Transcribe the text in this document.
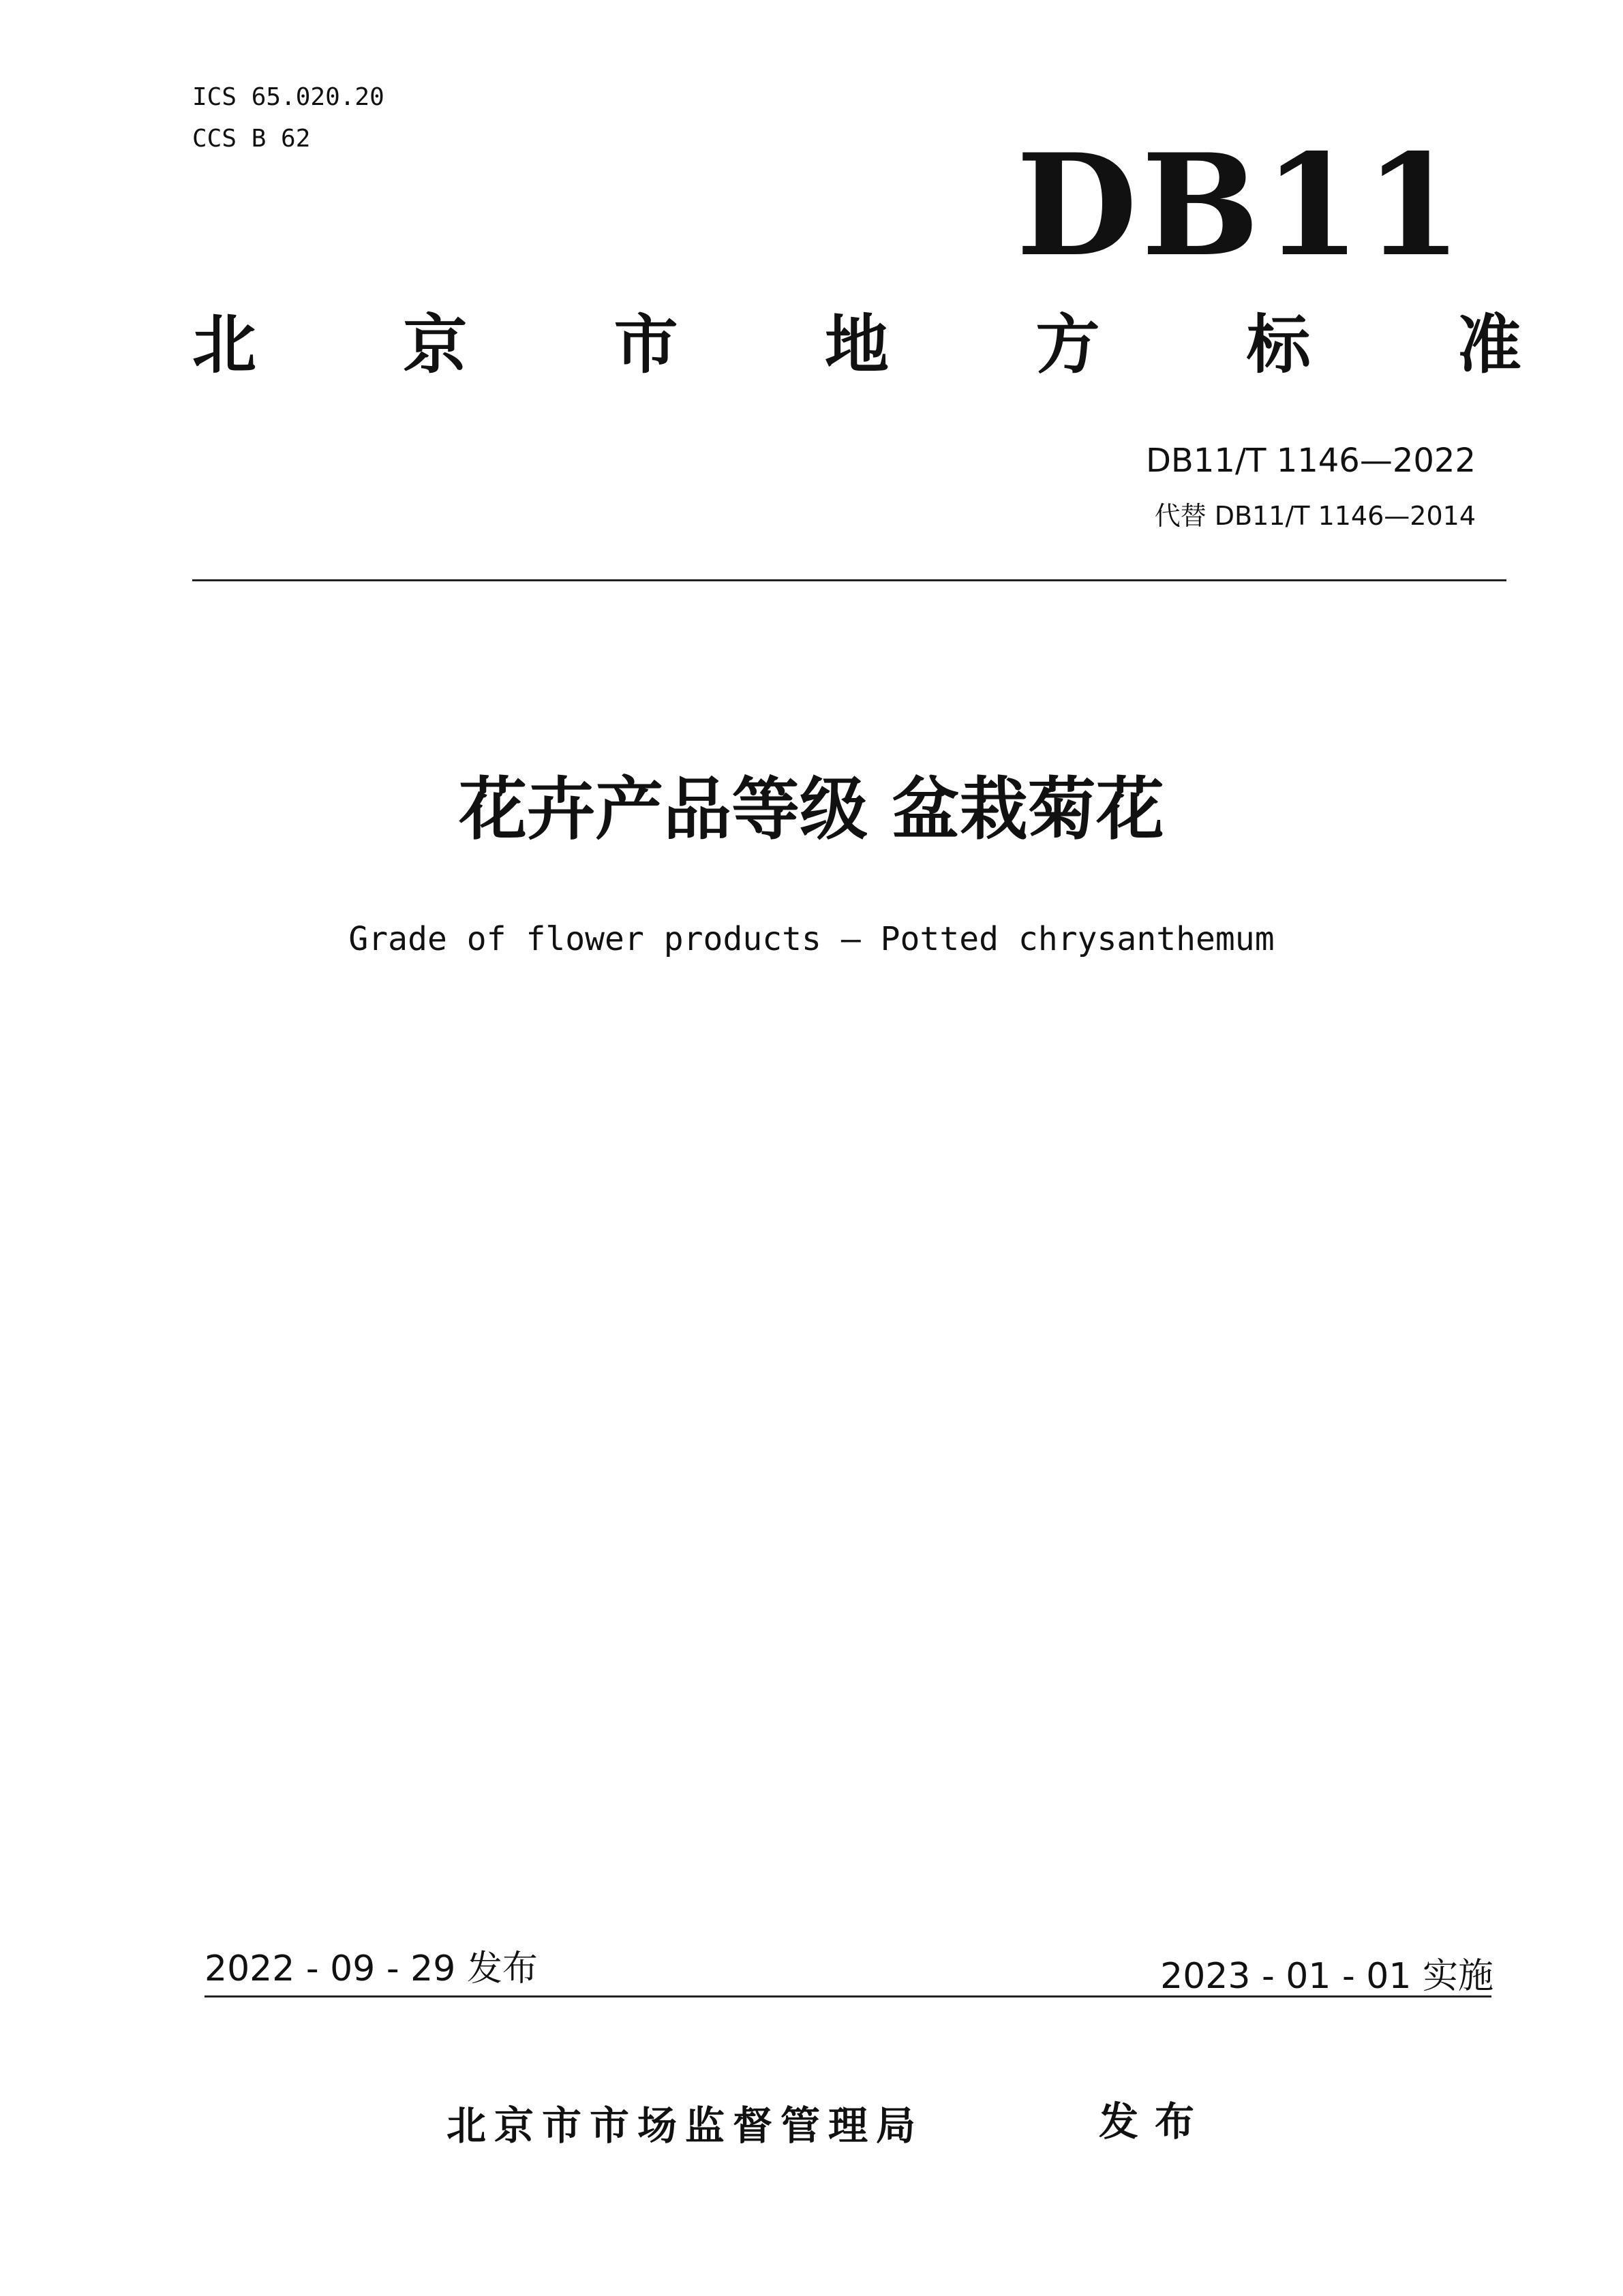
ICS 65.020.20
CCS B 62	DB11
北 京 市 地 方 标 准
DB11/T 1146—2022
代替 DB11/T 1146—2014
花卉产品等级 盆栽菊花
Grade of flower products — Potted chrysanthemum
2022 - 09 - 29 发布	2023 - 01 - 01 实施
北京市市场监督管理局	发布
